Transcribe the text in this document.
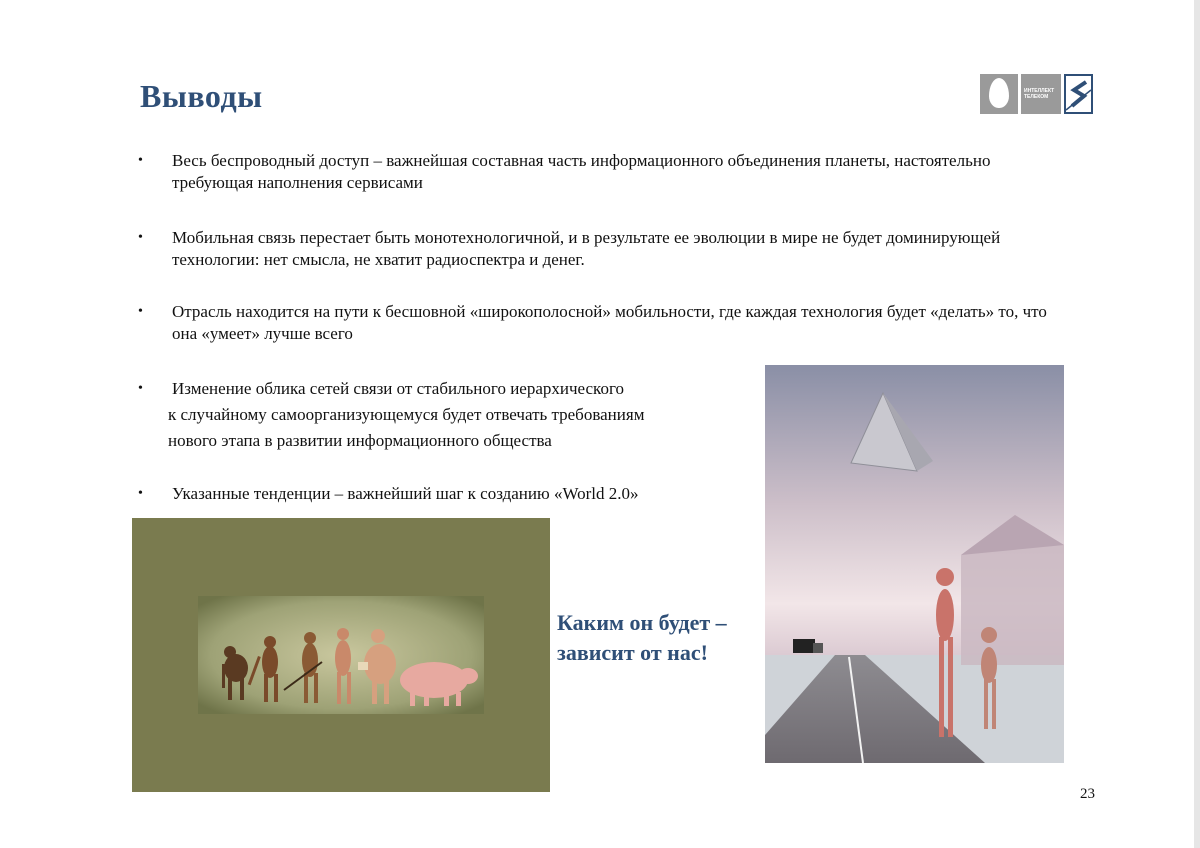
Выводы	ИНТЕЛЛЕКТ
ТЕЛЕКОМ
• Весь беспроводный доступ – важнейшая составная часть информационного объединения планеты, настоятельно требующая наполнения сервисами
• Мобильная связь перестает быть монотехнологичной, и в результате ее эволюции в мире не будет доминирующей технологии: нет смысла, не хватит радиоспектра и денег.
• Отрасль находится на пути к бесшовной «широкополосной» мобильности, где каждая технология будет «делать» то, что она «умеет» лучше всего
• Изменение облика сетей связи от стабильного иерархического
к случайному самоорганизующемуся будет отвечать требованиям
нового этапа в развитии информационного общества
• Указанные тенденции – важнейший шаг к созданию «World 2.0»
Каким он будет –
зависит от нас!
23
